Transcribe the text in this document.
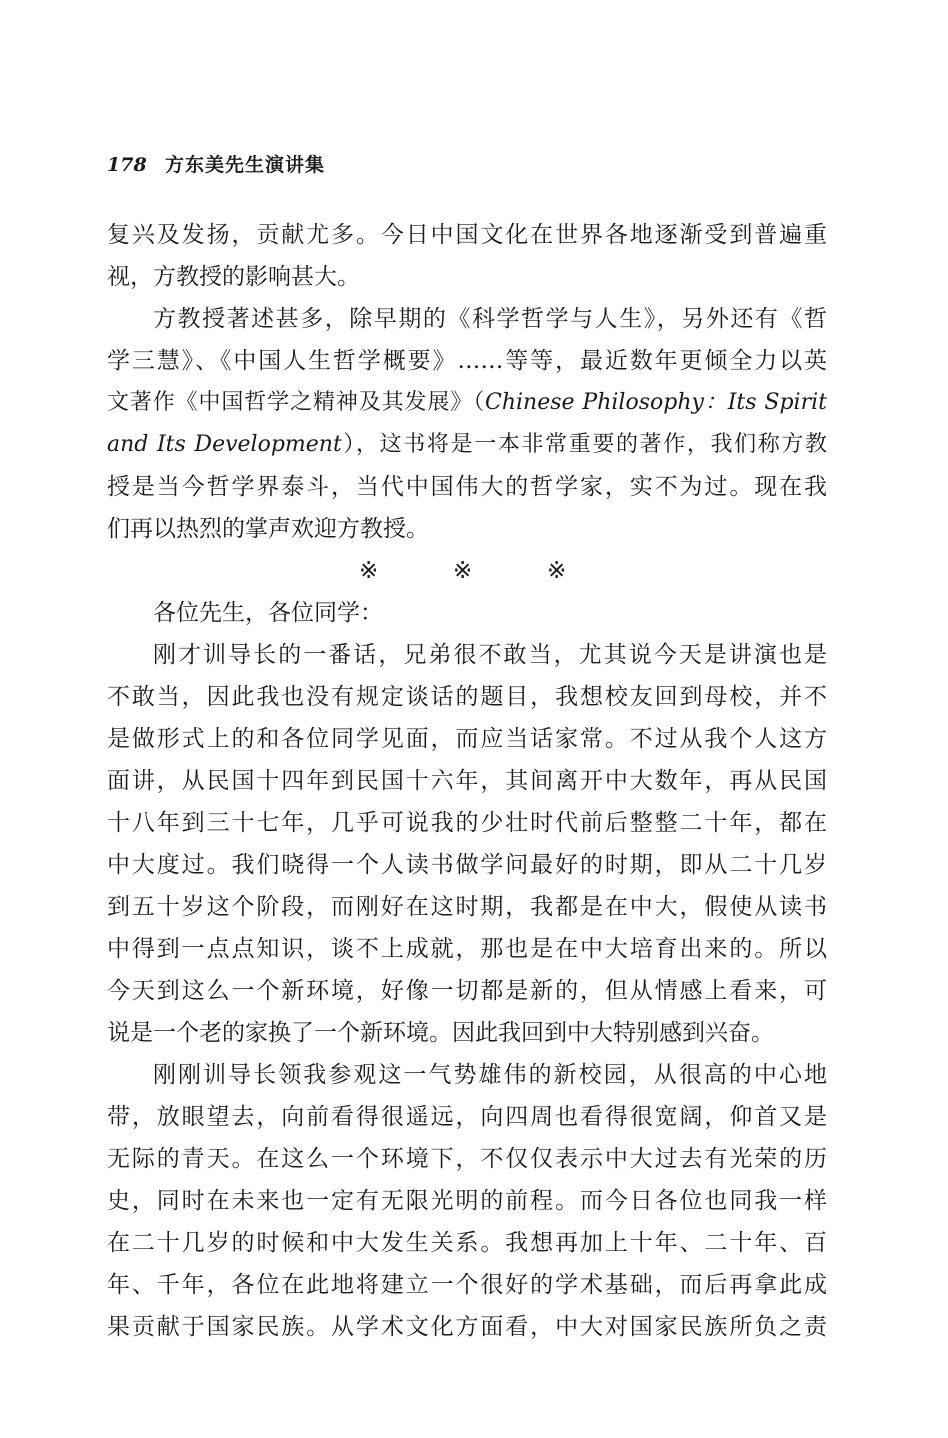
178 方东美先生演讲集
复兴及发扬，贡献尤多。今日中国文化在世界各地逐渐受到普遍重
视，方教授的影响甚大。
方教授著述甚多，除早期的《科学哲学与人生》，另外还有《哲
学三慧》、《中国人生哲学概要》……等等，最近数年更倾全力以英
文著作《中国哲学之精神及其发展》（Chinese Philosophy：Its Spirit
and Its Development），这书将是一本非常重要的著作，我们称方教
授是当今哲学界泰斗，当代中国伟大的哲学家，实不为过。现在我
们再以热烈的掌声欢迎方教授。
※	※	※
各位先生，各位同学：
刚才训导长的一番话，兄弟很不敢当，尤其说今天是讲演也是
不敢当，因此我也没有规定谈话的题目，我想校友回到母校，并不
是做形式上的和各位同学见面，而应当话家常。不过从我个人这方
面讲，从民国十四年到民国十六年，其间离开中大数年，再从民国
十八年到三十七年，几乎可说我的少壮时代前后整整二十年，都在
中大度过。我们晓得一个人读书做学问最好的时期，即从二十几岁
到五十岁这个阶段，而刚好在这时期，我都是在中大，假使从读书
中得到一点点知识，谈不上成就，那也是在中大培育出来的。所以
今天到这么一个新环境，好像一切都是新的，但从情感上看来，可
说是一个老的家换了一个新环境。因此我回到中大特别感到兴奋。
刚刚训导长领我参观这一气势雄伟的新校园，从很高的中心地
带，放眼望去，向前看得很遥远，向四周也看得很宽阔，仰首又是
无际的青天。在这么一个环境下，不仅仅表示中大过去有光荣的历
史，同时在未来也一定有无限光明的前程。而今日各位也同我一样
在二十几岁的时候和中大发生关系。我想再加上十年、二十年、百
年、千年，各位在此地将建立一个很好的学术基础，而后再拿此成
果贡献于国家民族。从学术文化方面看，中大对国家民族所负之责
